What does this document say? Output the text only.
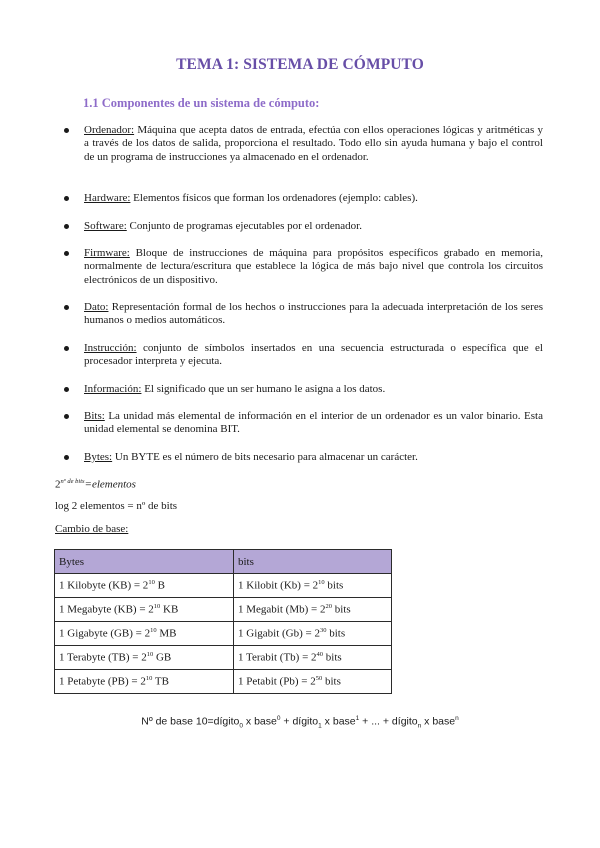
TEMA 1: SISTEMA DE CÓMPUTO
1.1 Componentes de un sistema de cómputo:
Ordenador: Máquina que acepta datos de entrada, efectúa con ellos operaciones lógicas y aritméticas y a través de los datos de salida, proporciona el resultado. Todo ello sin ayuda humana y bajo el control de un programa de instrucciones ya almacenado en el ordenador.
Hardware: Elementos físicos que forman los ordenadores (ejemplo: cables).
Software: Conjunto de programas ejecutables por el ordenador.
Firmware: Bloque de instrucciones de máquina para propósitos específicos grabado en memoria, normalmente de lectura/escritura que establece la lógica de más bajo nivel que controla los circuitos electrónicos de un dispositivo.
Dato: Representación formal de los hechos o instrucciones para la adecuada interpretación de los seres humanos o medios automáticos.
Instrucción: conjunto de símbolos insertados en una secuencia estructurada o específica que el procesador interpreta y ejecuta.
Información: El significado que un ser humano le asigna a los datos.
Bits: La unidad más elemental de información en el interior de un ordenador es un valor binario. Esta unidad elemental se denomina BIT.
Bytes: Un BYTE es el número de bits necesario para almacenar un carácter.
$2^{nº de bits}=elementos$
log 2 elementos = nº de bits
Cambio de base:
Bytes	bits
1 Kilobyte $(KB) = 2^{10}$ B	1 Kilobit $(Kb) = 2^{10}$ bits
1 Megabyte $(KB) = 2^{10}$ KB	1 Megabit $(Mb) = 2^{20}$ bits
1 Gigabyte $(GB) = 2^{10}$ MB	1 Gigabit $(Gb) = 2^{30}$ bits
1 Terabyte $(TB) = 2^{10}$ GB	1 Terabit $(Tb) = 2^{40}$ bits
1 Petabyte $(PB) = 2^{10}$ TB	1 Petabit $(Pb) = 2^{50}$ bits
Nº de base 10=dígito$_0$ x base$^0$ + dígito$_1$ x base$^1$ + ... + dígito$_n$ x base$^n$
